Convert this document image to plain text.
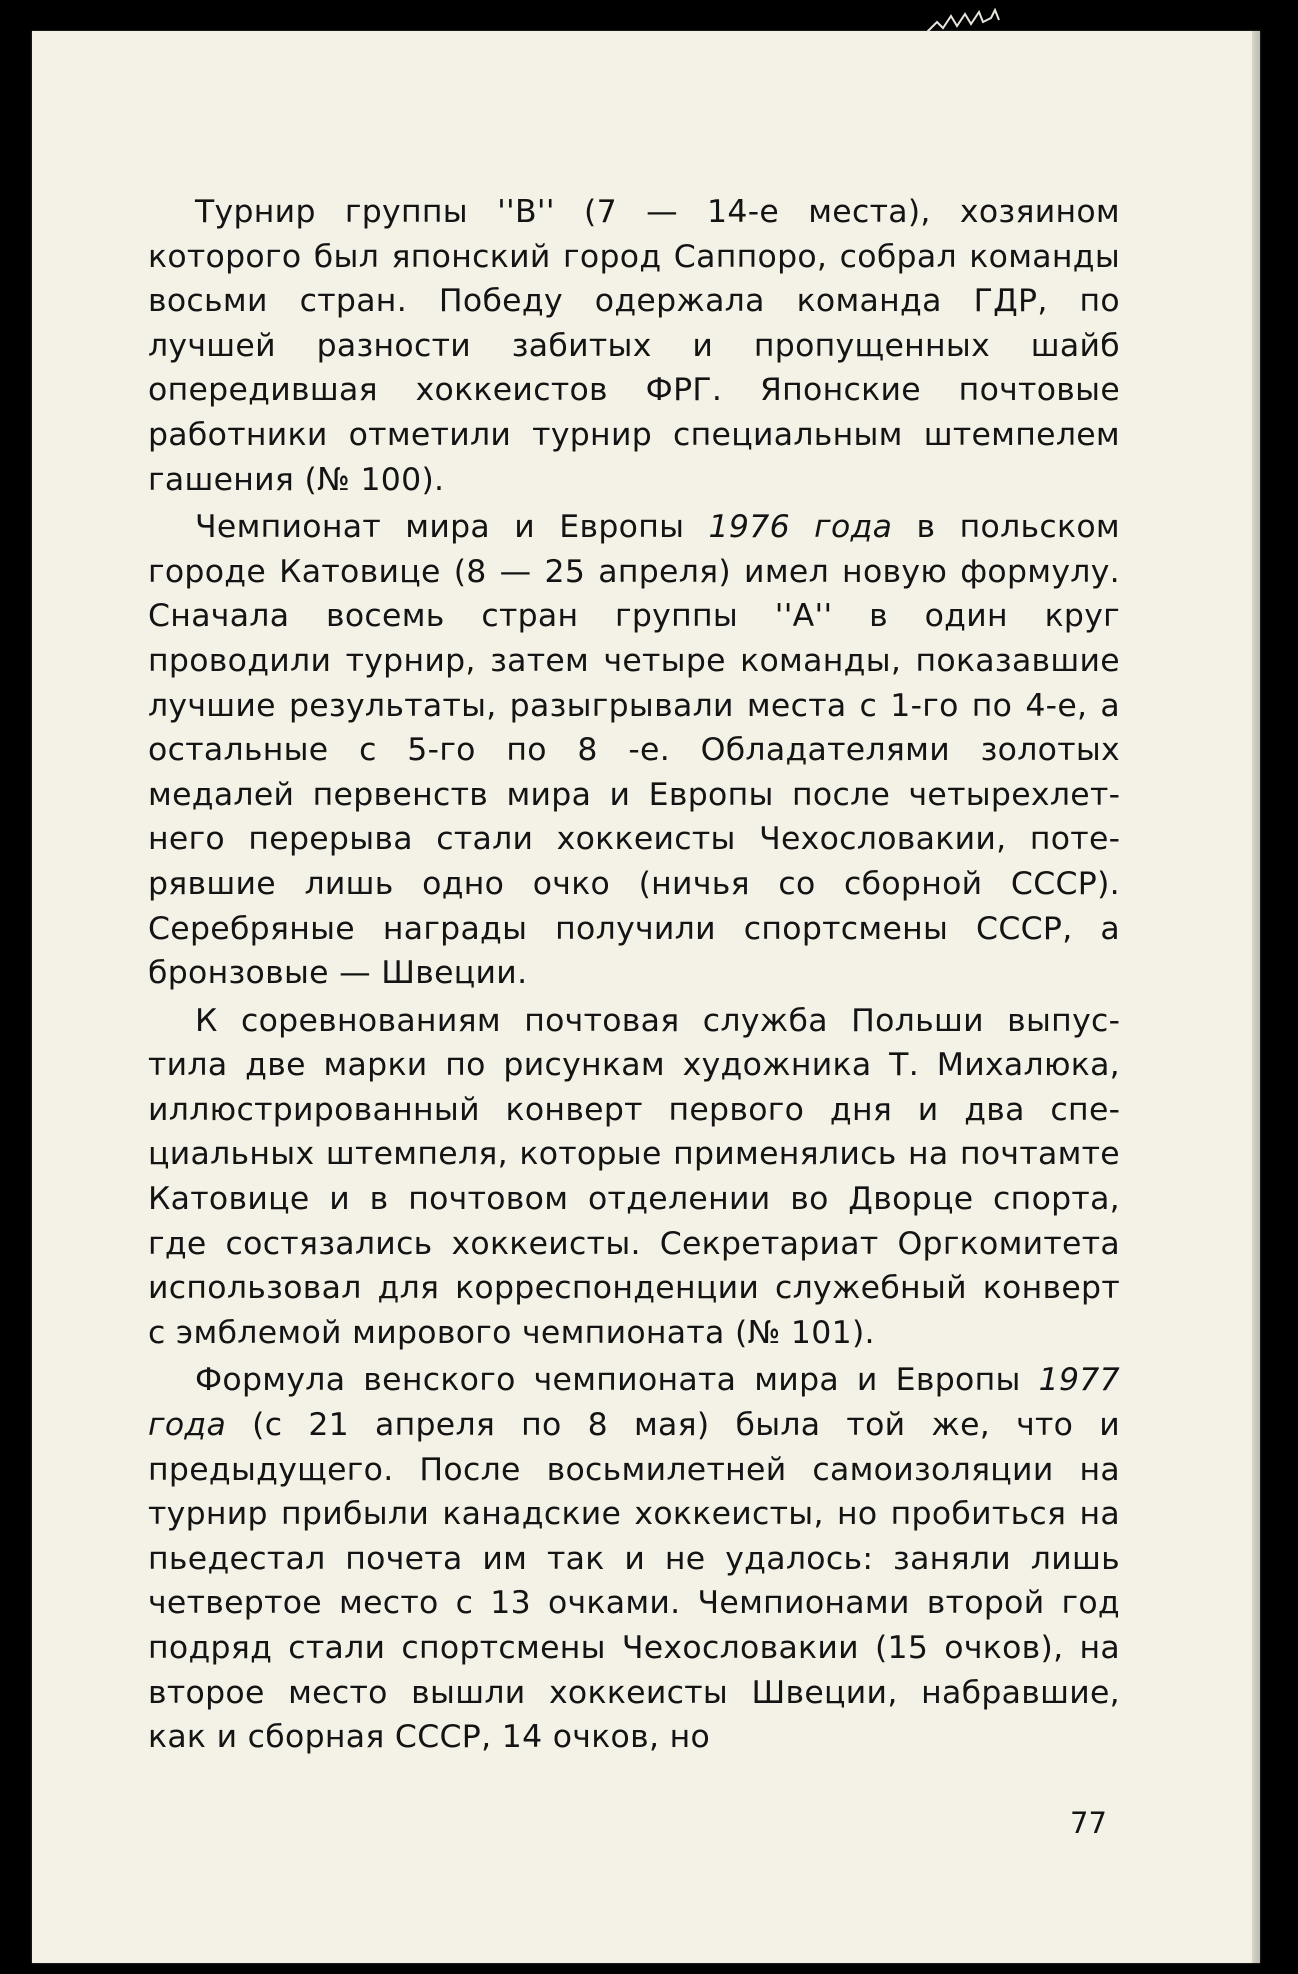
Турнир группы ''В'' (7 — 14-е места), хозяином которого был японский город Саппоро, собрал команды восьми стран. Победу одержала команда ГДР, по лучшей разности забитых и пропущенных шайб опередившая хоккеистов ФРГ. Японские почтовые работники отметили турнир специальным штемпелем гашения (№ 100).

Чемпионат мира и Европы 1976 года в польском городе Катовице (8 — 25 апреля) имел новую формулу. Сначала восемь стран группы ''А'' в один круг проводили турнир, затем четыре команды, показавшие лучшие результаты, разыгрывали места с 1-го по 4-е, а остальные с 5-го по 8 -е. Обладателями золотых медалей первенств мира и Европы после четырехлетнего перерыва стали хоккеисты Чехословакии, потерявшие лишь одно очко (ничья со сборной СССР). Серебряные награды получили спортсмены СССР, а бронзовые — Швеции.

К соревнованиям почтовая служба Польши выпустила две марки по рисункам художника Т. Михалюка, иллюстрированный конверт первого дня и два специальных штемпеля, которые применялись на почтамте Катовице и в почтовом отделении во Дворце спорта, где состязались хоккеисты. Секретариат Оргкомитета использовал для корреспонденции служебный конверт с эмблемой мирового чемпионата (№ 101).

Формула венского чемпионата мира и Европы 1977 года (с 21 апреля по 8 мая) была той же, что и предыдущего. После восьмилетней самоизоляции на турнир прибыли канадские хоккеисты, но пробиться на пьедестал почета им так и не удалось: заняли лишь четвертое место с 13 очками. Чемпионами второй год подряд стали спортсмены Чехословакии (15 очков), на второе место вышли хоккеисты Швеции, набравшие, как и сборная СССР, 14 очков, но

77
